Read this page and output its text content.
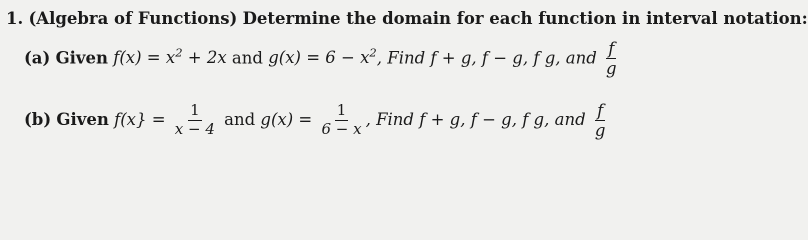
1. (Algebra of Functions) Determine the domain for each function in interval notation:
(a) Given $f(x) = x^2 + 2x$ and $g(x) = 6 - x^2$, Find f + g, f − g, f g, and $\frac{f}{g}$
(b) Given $f(x\} = \frac{1}{x - 4}$ and $g(x) = \frac{1}{6 - x}$ , Find f + g, f − g, f g, and $\frac{f}{g}$
